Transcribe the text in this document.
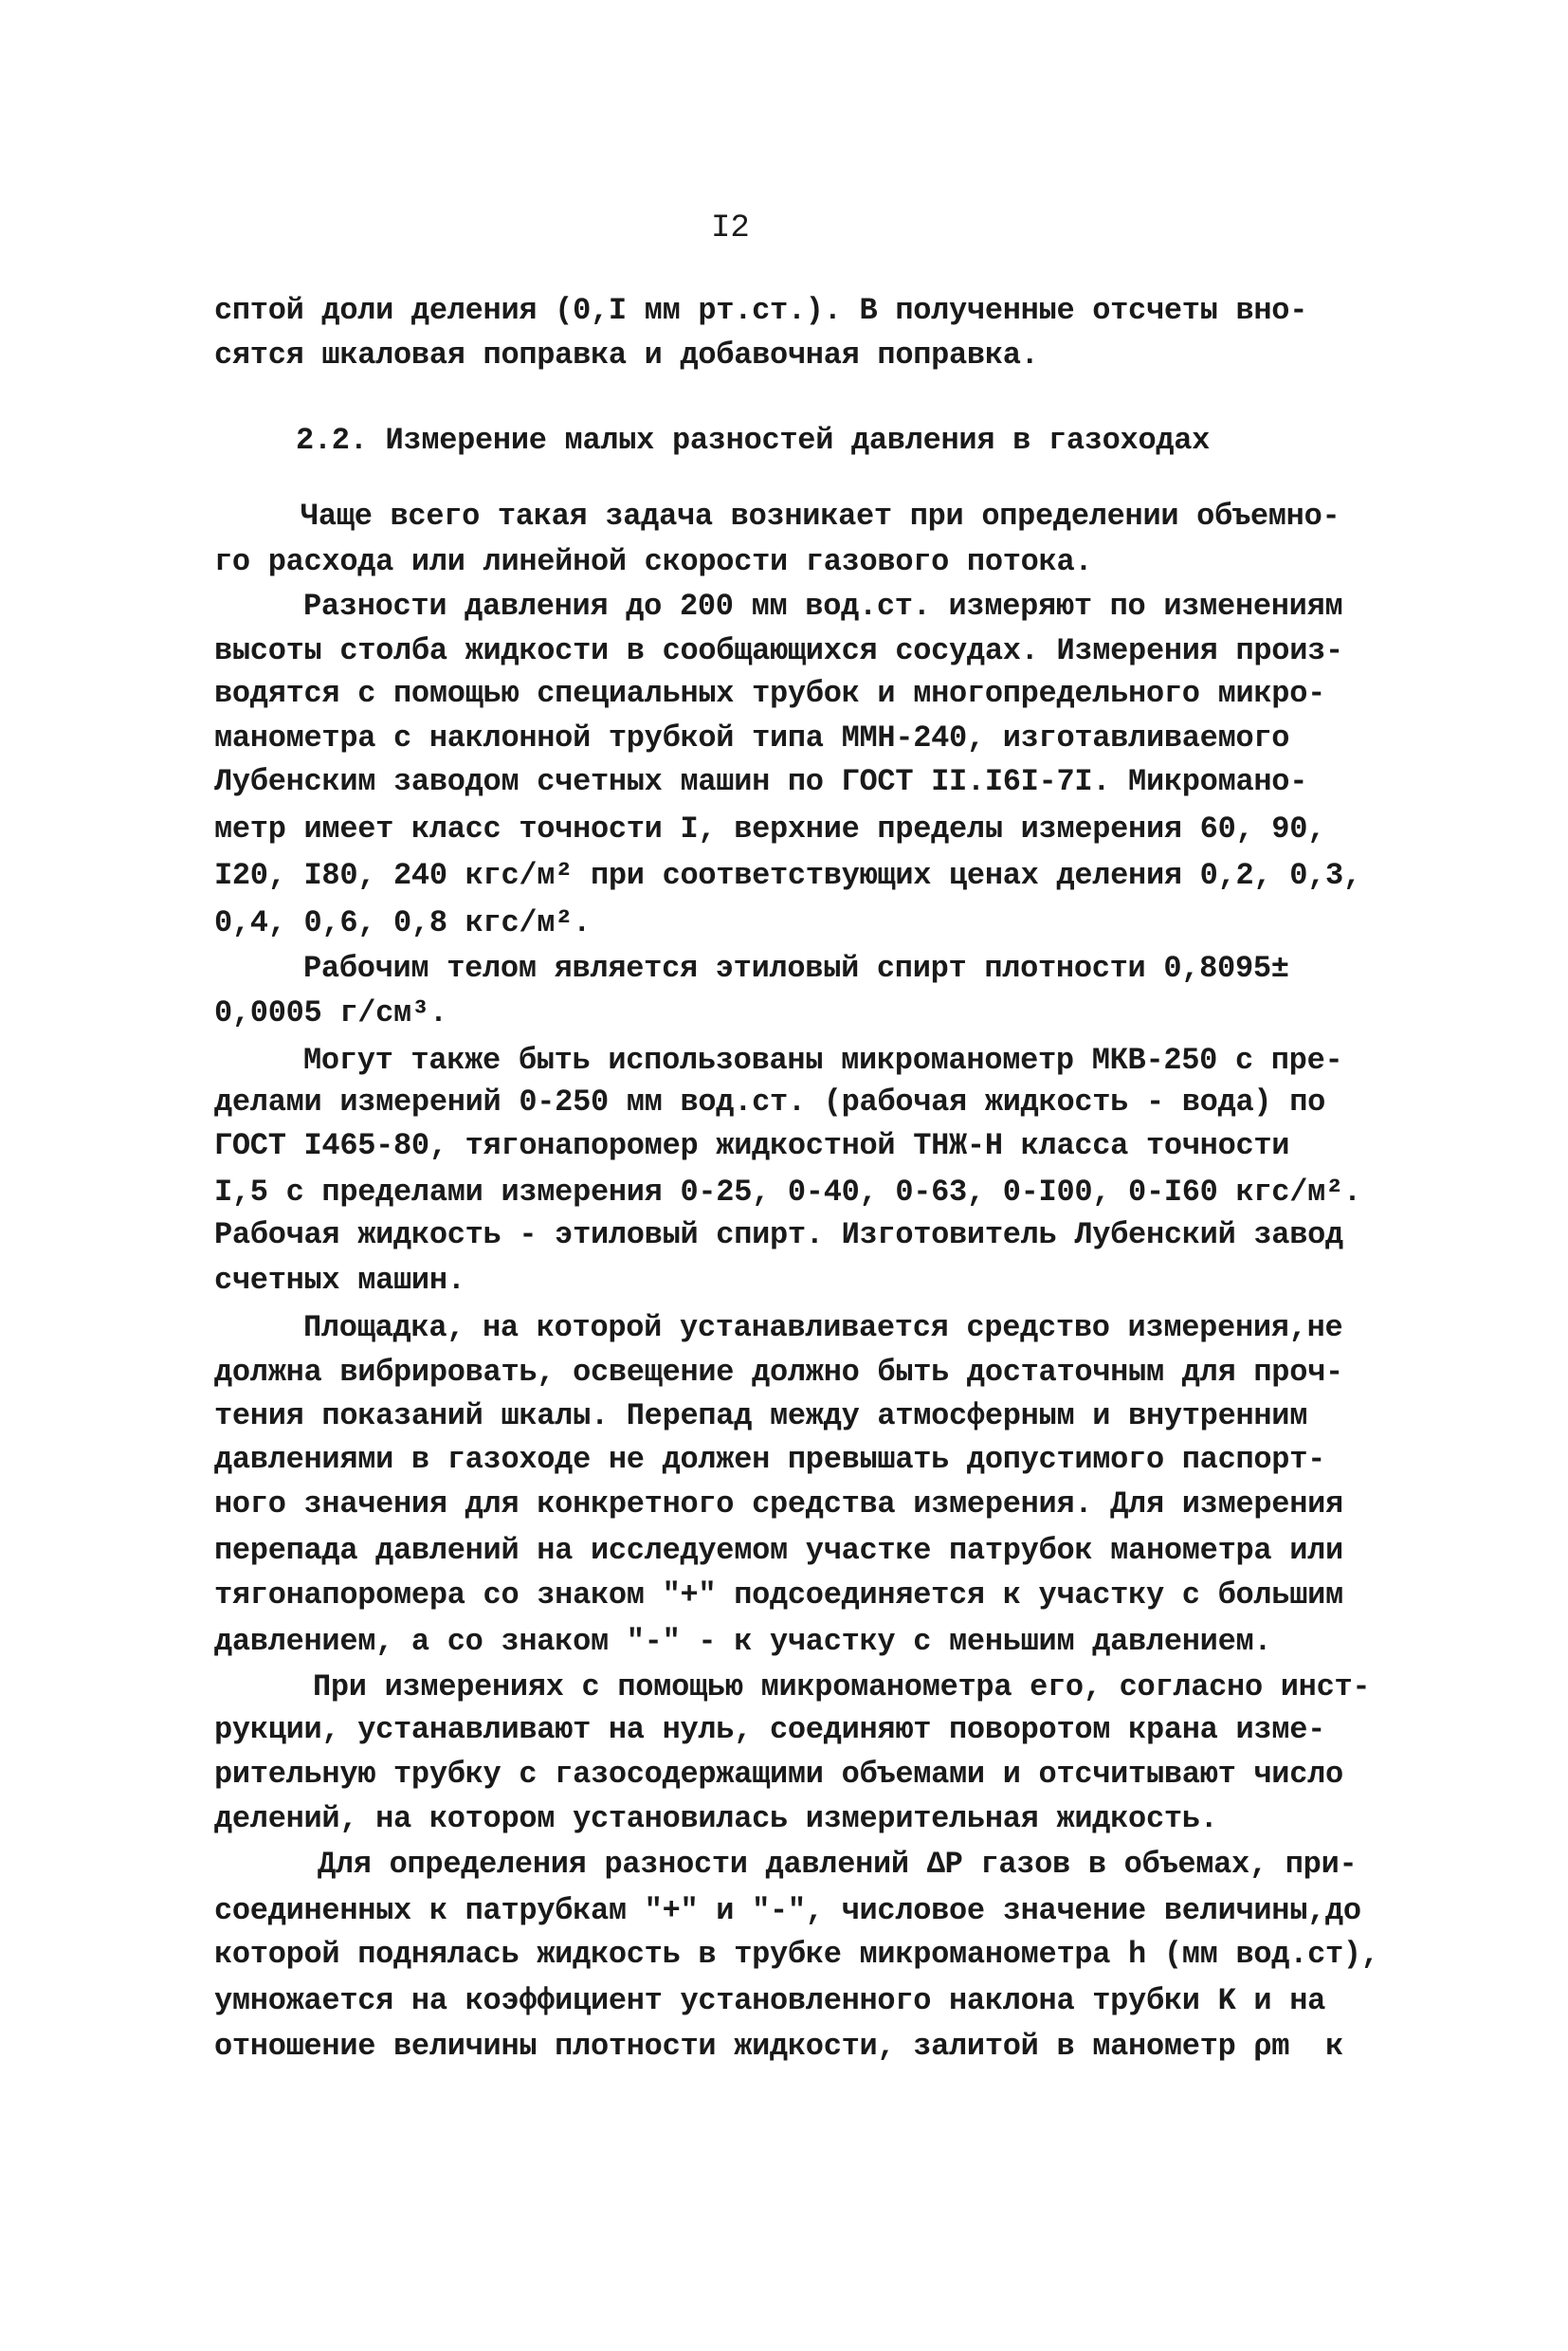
I2
сптой доли деления (0,I мм рт.ст.). В полученные отсчеты вно-
сятся шкаловая поправка и добавочная поправка.
2.2. Измерение малых разностей давления в газоходах
Чаще всего такая задача возникает при определении объемно-
го расхода или линейной скорости газового потока.
Разности давления до 200 мм вод.ст. измеряют по изменениям
высоты столба жидкости в сообщающихся сосудах. Измерения произ-
водятся с помощью специальных трубок и многопредельного микро-
манометра с наклонной трубкой типа ММН-240, изготавливаемого
Лубенским заводом счетных машин по ГОСТ II.I6I-7I. Микромано-
метр имеет класс точности I, верхние пределы измерения 60, 90,
I20, I80, 240 кгс/м² при соответствующих ценах деления 0,2, 0,3,
0,4, 0,6, 0,8 кгс/м².
Рабочим телом является этиловый спирт плотности 0,8095±
0,0005 г/см³.
Могут также быть использованы микроманометр МКВ-250 с пре-
делами измерений 0-250 мм вод.ст. (рабочая жидкость - вода) по
ГОСТ I465-80, тягонапоромер жидкостной ТНЖ-Н класса точности
I,5 с пределами измерения 0-25, 0-40, 0-63, 0-I00, 0-I60 кгс/м².
Рабочая жидкость - этиловый спирт. Изготовитель Лубенский завод
счетных машин.
Площадка, на которой устанавливается средство измерения,не
должна вибрировать, освещение должно быть достаточным для проч-
тения показаний шкалы. Перепад между атмосферным и внутренним
давлениями в газоходе не должен превышать допустимого паспорт-
ного значения для конкретного средства измерения. Для измерения
перепада давлений на исследуемом участке патрубок манометра или
тягонапоромера со знаком "+" подсоединяется к участку с большим
давлением, а со знаком "-" - к участку с меньшим давлением.
При измерениях с помощью микроманометра его, согласно инст-
рукции, устанавливают на нуль, соединяют поворотом крана изме-
рительную трубку с газосодержащими объемами и отсчитывают число
делений, на котором установилась измерительная жидкость.
Для определения разности давлений ΔP газов в объемах, при-
соединенных к патрубкам "+" и "-", числовое значение величины,до
которой поднялась жидкость в трубке микроманометра h (мм вод.ст),
умножается на коэффициент установленного наклона трубки K и на
отношение величины плотности жидкости, залитой в манометр ρm  к
